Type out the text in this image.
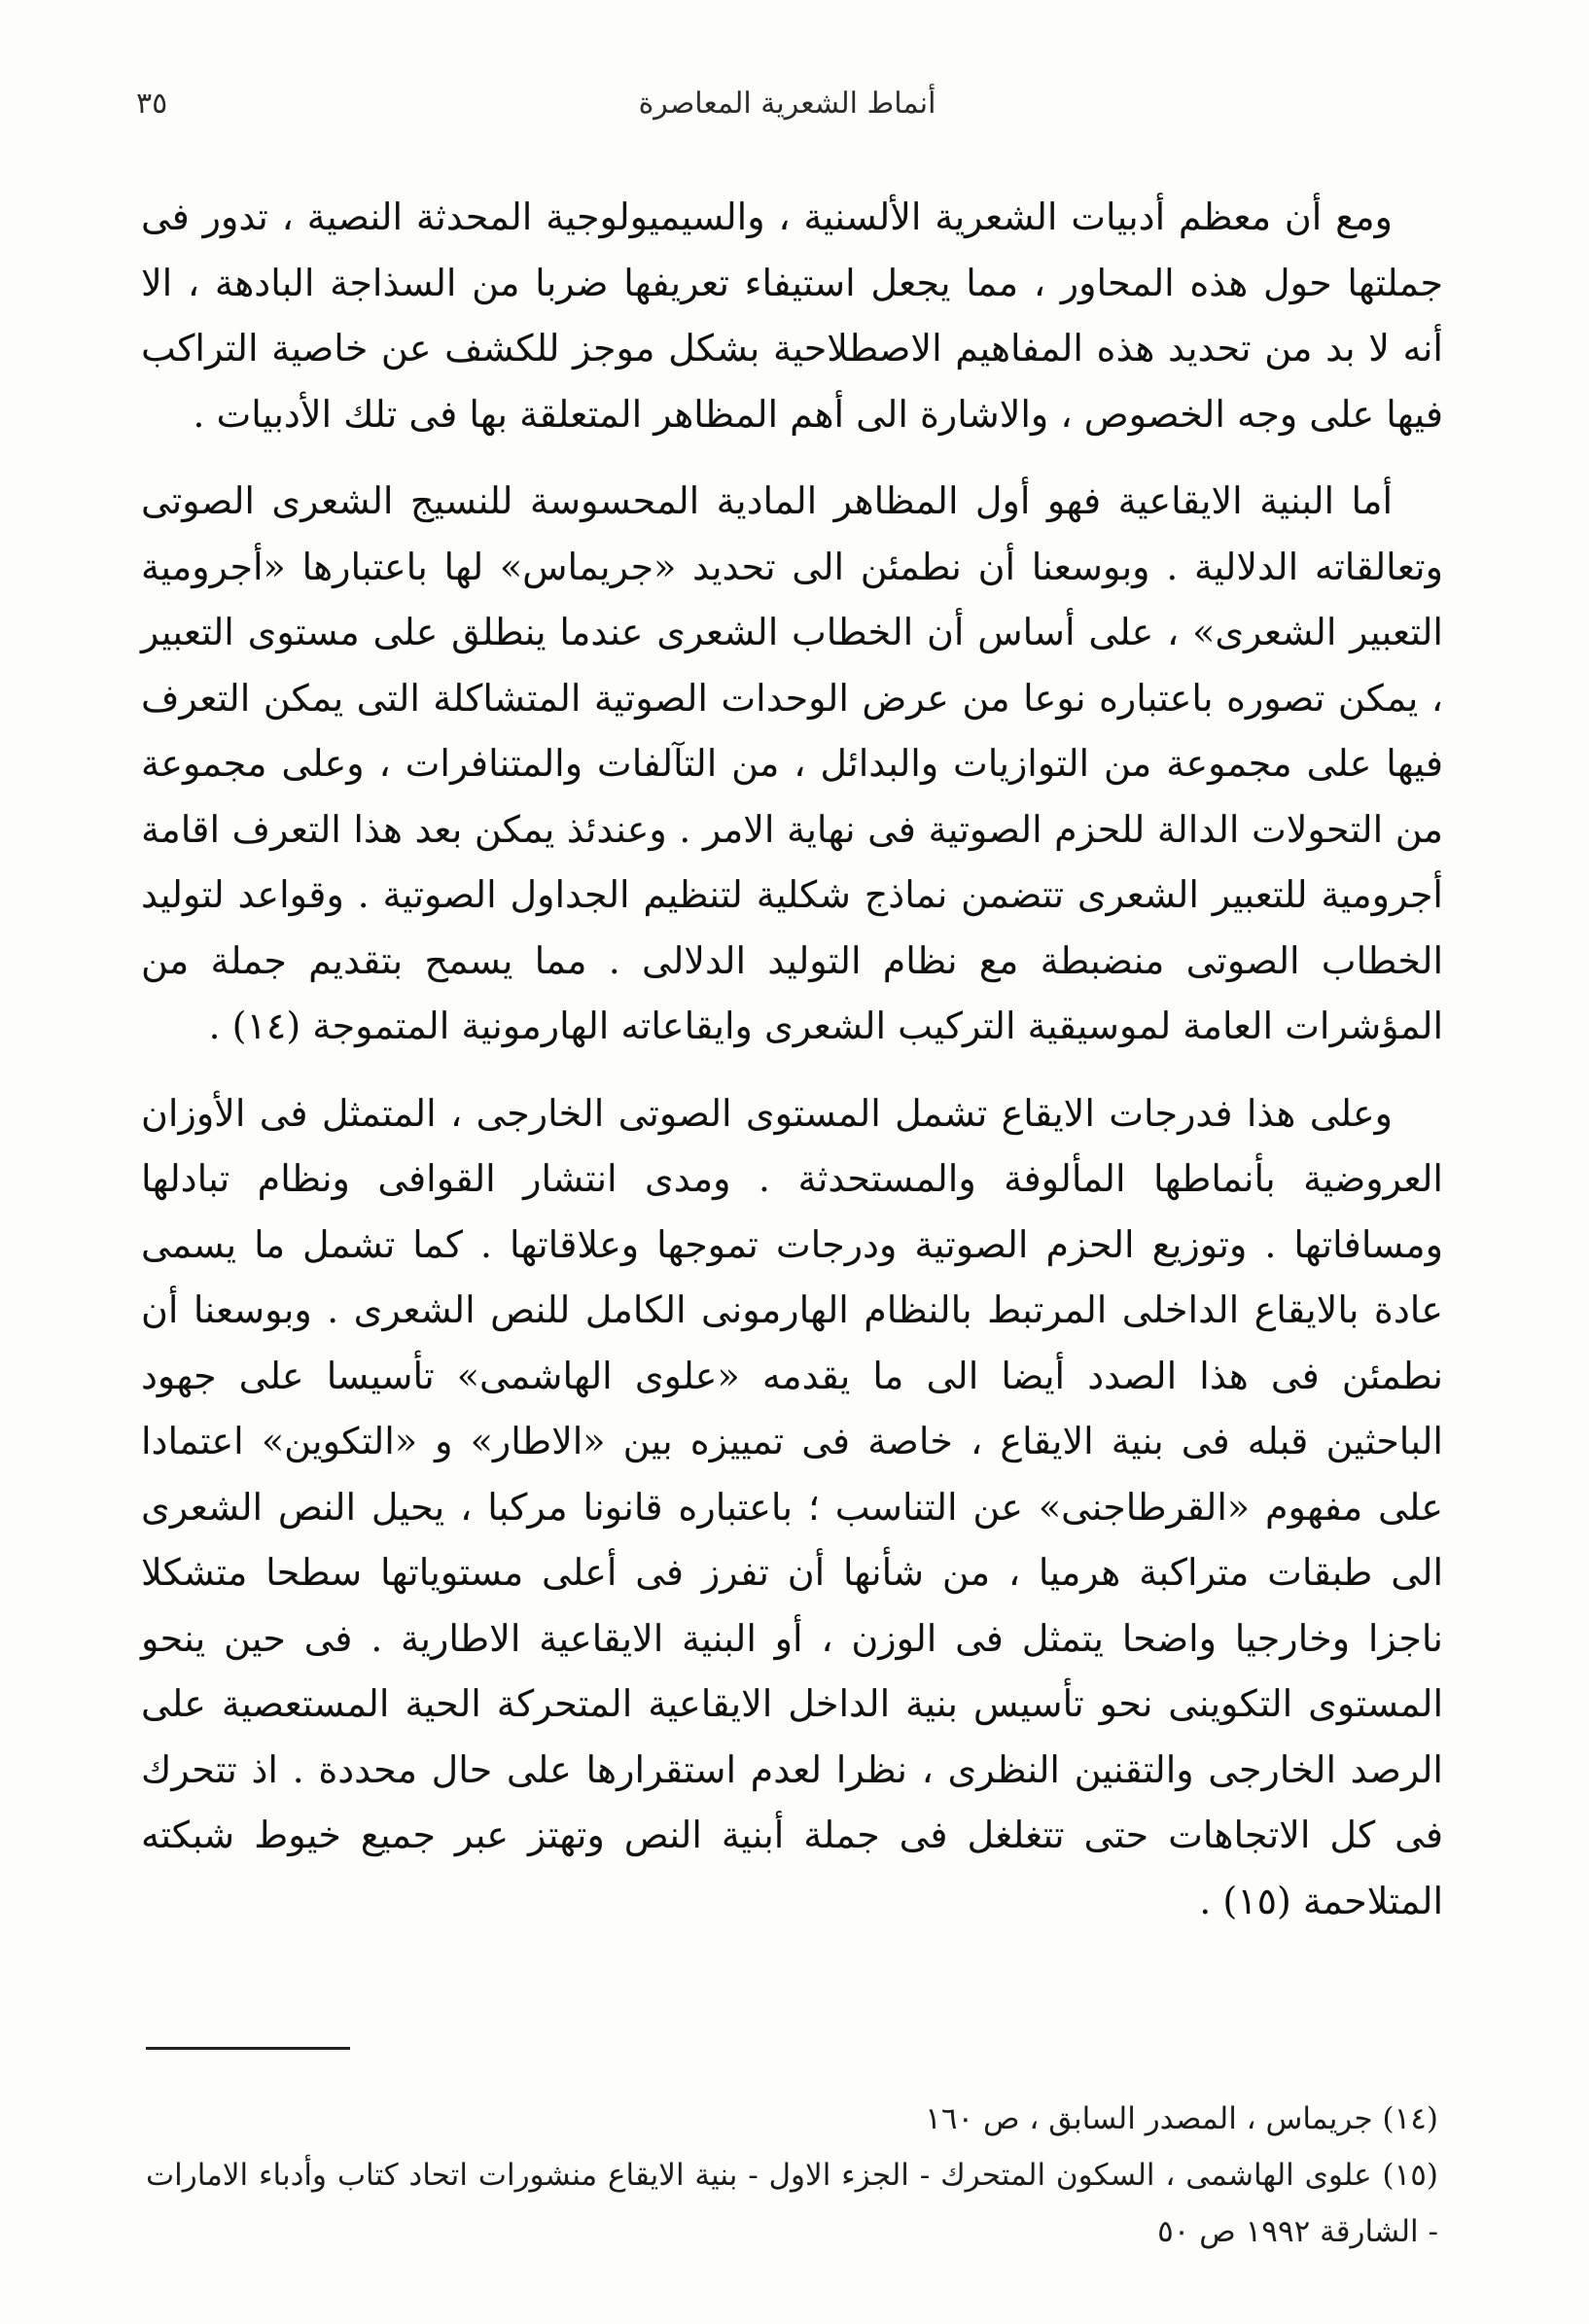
أنماط الشعرية المعاصرة
٣٥

ومع أن معظم أدبيات الشعرية الألسنية ، والسيميولوجية المحدثة النصية ، تدور فى جملتها حول هذه المحاور ، مما يجعل استيفاء تعريفها ضربا من السذاجة البادهة ، الا أنه لا بد من تحديد هذه المفاهيم الاصطلاحية بشكل موجز للكشف عن خاصية التراكب فيها على وجه الخصوص ، والاشارة الى أهم المظاهر المتعلقة بها فى تلك الأدبيات .

أما البنية الايقاعية فهو أول المظاهر المادية المحسوسة للنسيج الشعرى الصوتى وتعالقاته الدلالية . وبوسعنا أن نطمئن الى تحديد «جريماس» لها باعتبارها «أجرومية التعبير الشعرى» ، على أساس أن الخطاب الشعرى عندما ينطلق على مستوى التعبير ، يمكن تصوره باعتباره نوعا من عرض الوحدات الصوتية المتشاكلة التى يمكن التعرف فيها على مجموعة من التوازيات والبدائل ، من التآلفات والمتنافرات ، وعلى مجموعة من التحولات الدالة للحزم الصوتية فى نهاية الامر . وعندئذ يمكن بعد هذا التعرف اقامة أجرومية للتعبير الشعرى تتضمن نماذج شكلية لتنظيم الجداول الصوتية . وقواعد لتوليد الخطاب الصوتى منضبطة مع نظام التوليد الدلالى . مما يسمح بتقديم جملة من المؤشرات العامة لموسيقية التركيب الشعرى وايقاعاته الهارمونية المتموجة (١٤) .

وعلى هذا فدرجات الايقاع تشمل المستوى الصوتى الخارجى ، المتمثل فى الأوزان العروضية بأنماطها المألوفة والمستحدثة . ومدى انتشار القوافى ونظام تبادلها ومسافاتها . وتوزيع الحزم الصوتية ودرجات تموجها وعلاقاتها . كما تشمل ما يسمى عادة بالايقاع الداخلى المرتبط بالنظام الهارمونى الكامل للنص الشعرى . وبوسعنا أن نطمئن فى هذا الصدد أيضا الى ما يقدمه «علوى الهاشمى» تأسيسا على جهود الباحثين قبله فى بنية الايقاع ، خاصة فى تمييزه بين «الاطار» و «التكوين» اعتمادا على مفهوم «القرطاجنى» عن التناسب ؛ باعتباره قانونا مركبا ، يحيل النص الشعرى الى طبقات متراكبة هرميا ، من شأنها أن تفرز فى أعلى مستوياتها سطحا متشكلا ناجزا وخارجيا واضحا يتمثل فى الوزن ، أو البنية الايقاعية الاطارية . فى حين ينحو المستوى التكوينى نحو تأسيس بنية الداخل الايقاعية المتحركة الحية المستعصية على الرصد الخارجى والتقنين النظرى ، نظرا لعدم استقرارها على حال محددة . اذ تتحرك فى كل الاتجاهات حتى تتغلغل فى جملة أبنية النص وتهتز عبر جميع خيوط شبكته المتلاحمة (١٥) .

(١٤) جريماس ، المصدر السابق ، ص ١٦٠

(١٥) علوى الهاشمى ، السكون المتحرك - الجزء الاول - بنية الايقاع منشورات اتحاد كتاب وأدباء الامارات - الشارقة ١٩٩٢ ص ٥٠
